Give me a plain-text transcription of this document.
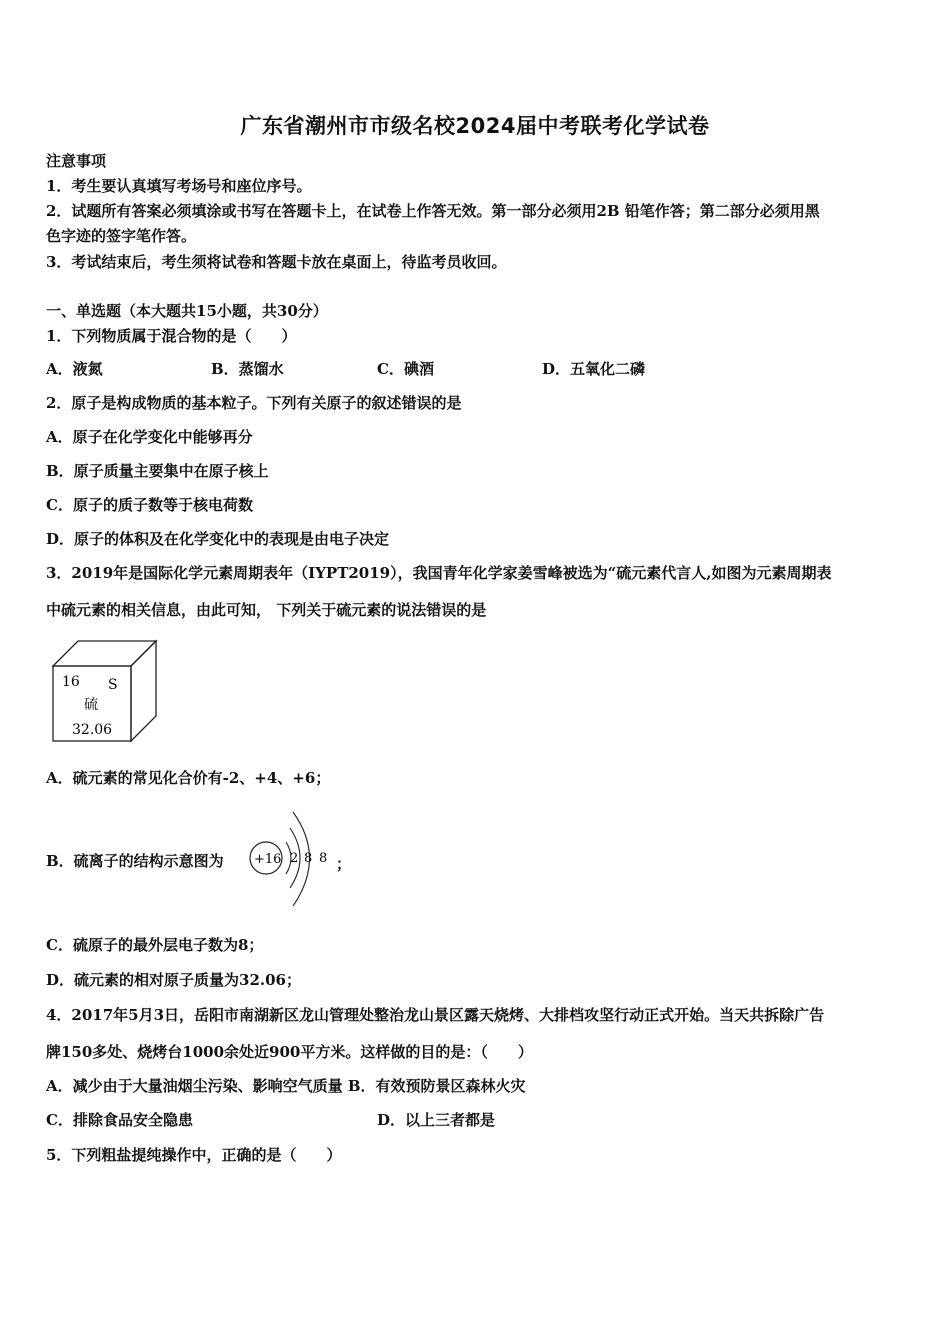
广东省潮州市市级名校2024届中考联考化学试卷
注意事项
1．考生要认真填写考场号和座位序号。
2．试题所有答案必须填涂或书写在答题卡上，在试卷上作答无效。第一部分必须用2B 铅笔作答；第二部分必须用黑
色字迹的签字笔作答。
3．考试结束后，考生须将试卷和答题卡放在桌面上，待监考员收回。
一、单选题（本大题共15小题，共30分）
1．下列物质属于混合物的是（　　）
A．液氮	B．蒸馏水	C．碘酒	D．五氧化二磷
2．原子是构成物质的基本粒子。下列有关原子的叙述错误的是
A．原子在化学变化中能够再分
B．原子质量主要集中在原子核上
C．原子的质子数等于核电荷数
D．原子的体积及在化学变化中的表现是由电子决定
3．2019年是国际化学元素周期表年（IYPT2019），我国青年化学家姜雪峰被选为“硫元素代言人,如图为元素周期表
中硫元素的相关信息，由此可知， 下列关于硫元素的说法错误的是
16 S
硫
32.06
A．硫元素的常见化合价有-2、+4、+6；
B．硫离子的结构示意图为 +16 2 8 8 ；
C．硫原子的最外层电子数为8；
D．硫元素的相对原子质量为32.06；
4．2017年5月3日，岳阳市南湖新区龙山管理处整治龙山景区露天烧烤、大排档攻坚行动正式开始。当天共拆除广告
牌150多处、烧烤台1000余处近900平方米。这样做的目的是：（　　）
A．减少由于大量油烟尘污染、影响空气质量 B．有效预防景区森林火灾
C．排除食品安全隐患	D．以上三者都是
5．下列粗盐提纯操作中，正确的是（　　）
